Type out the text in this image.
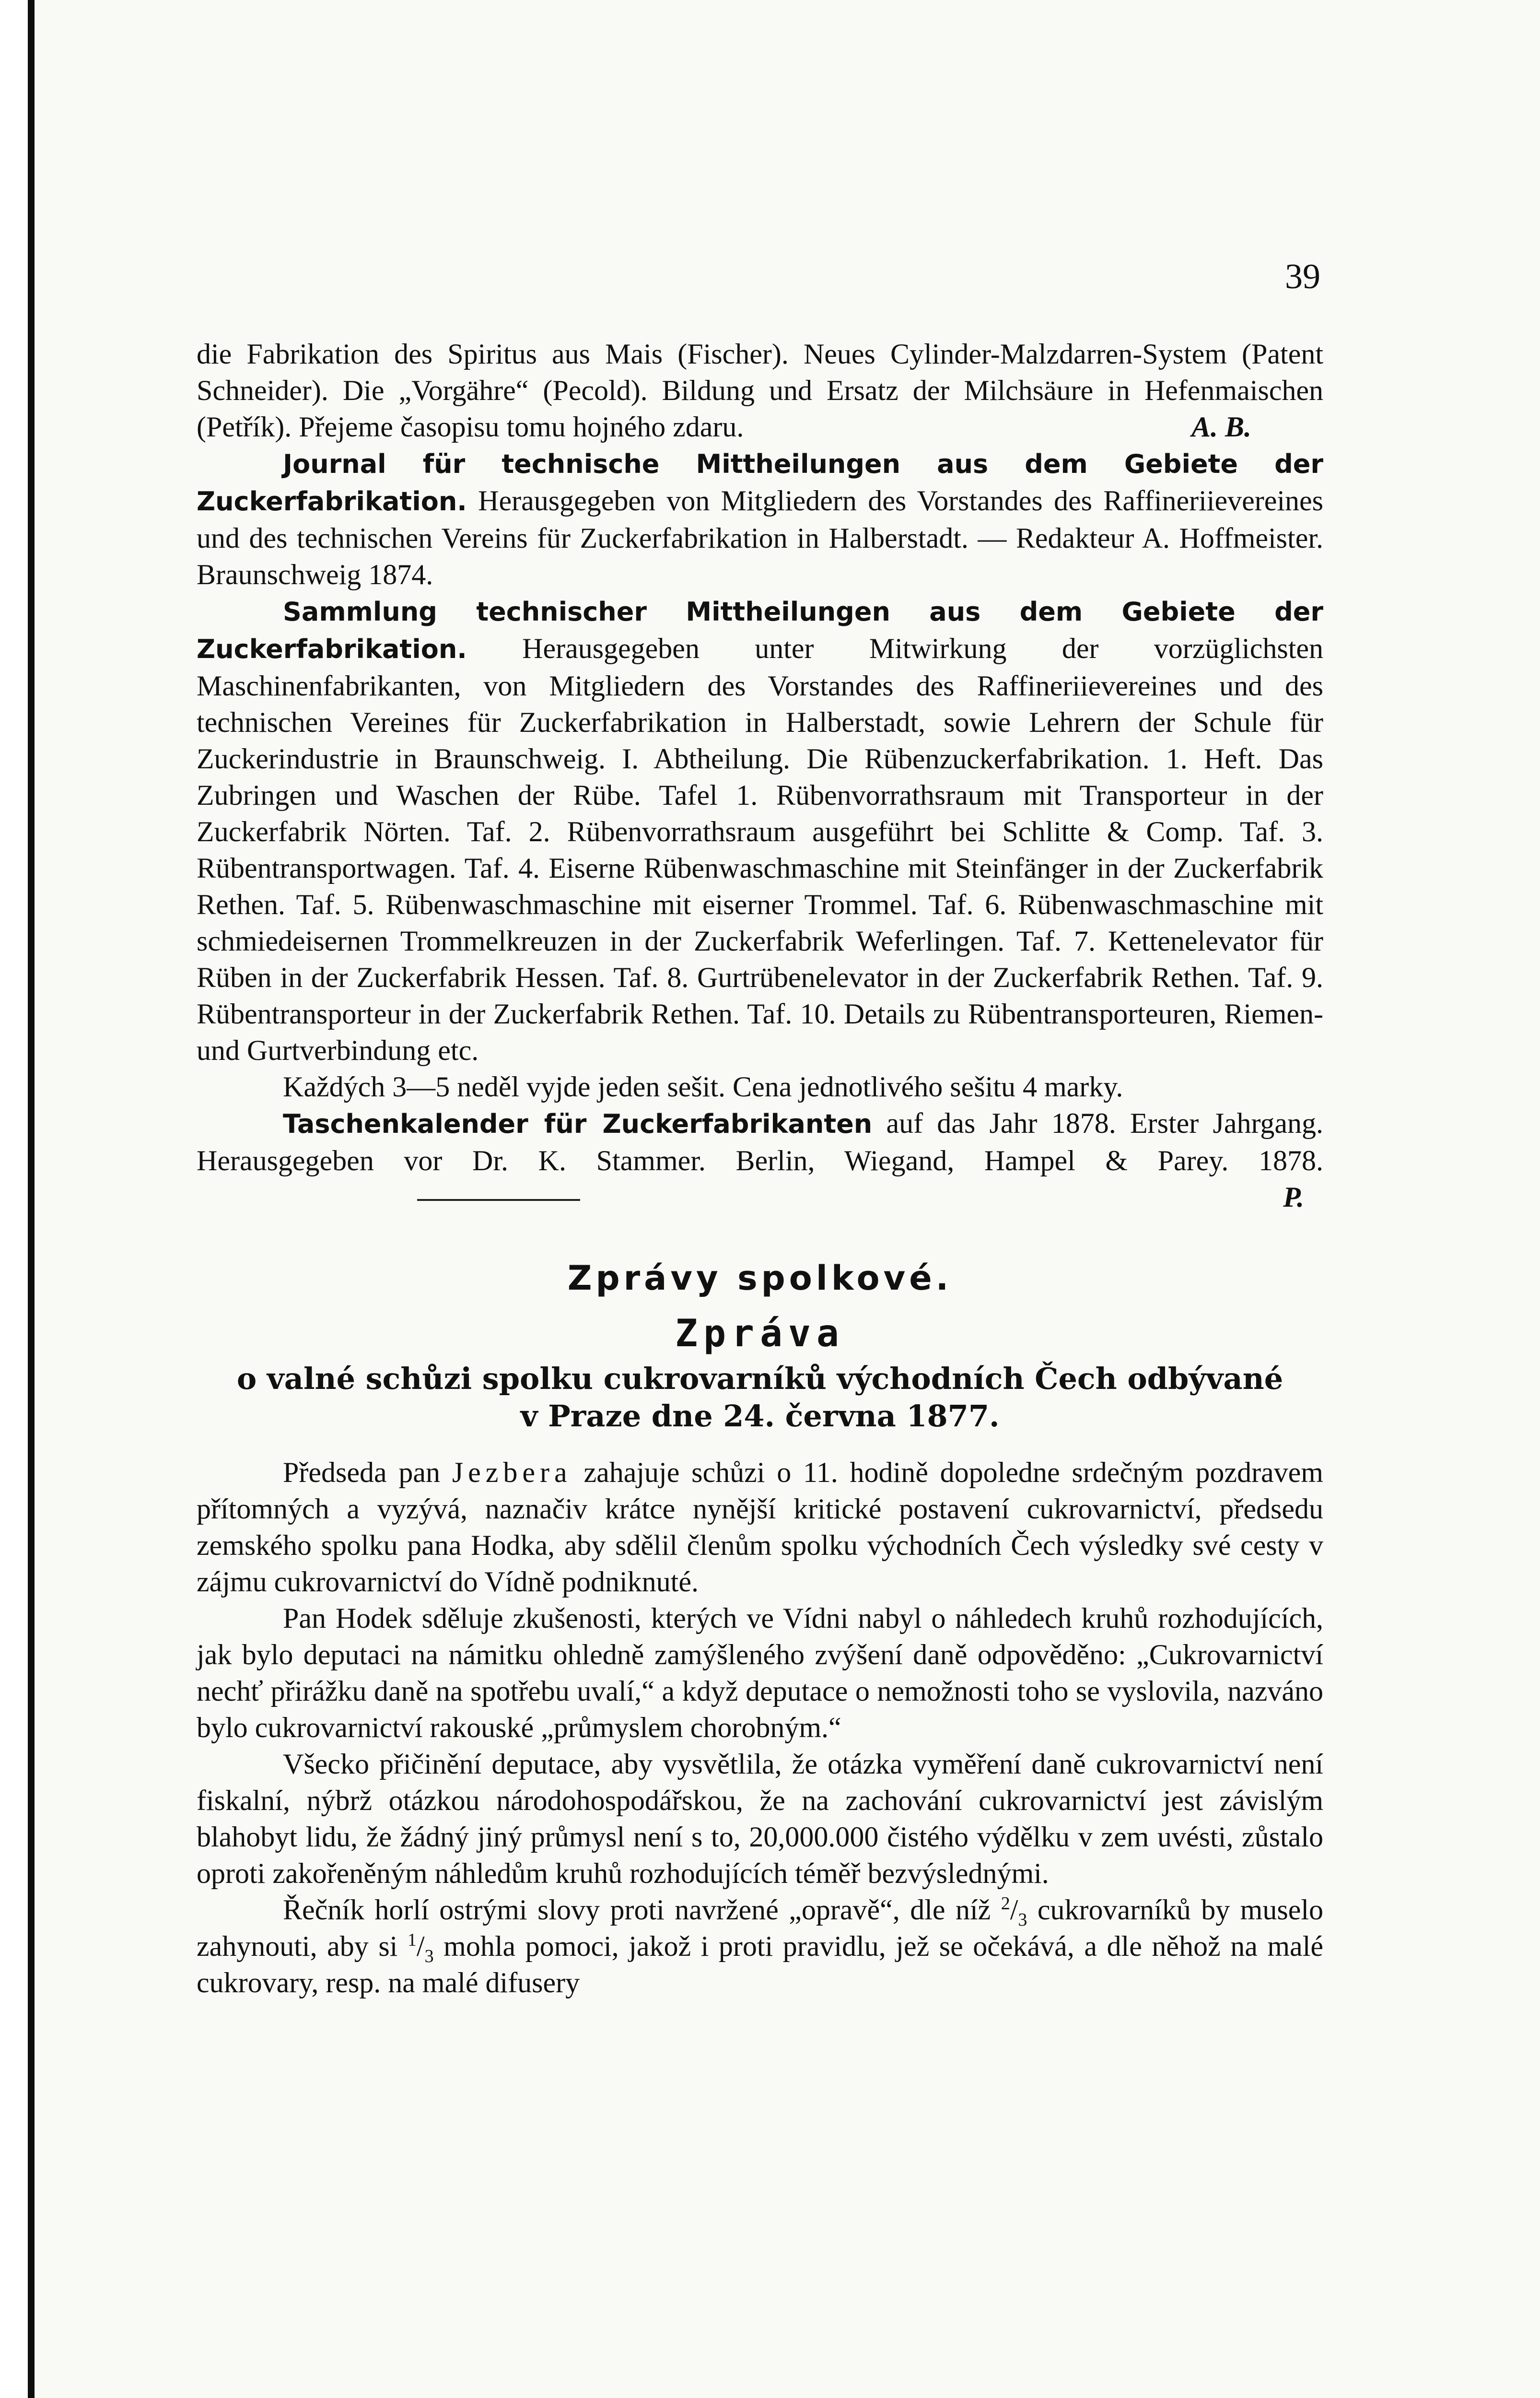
39

die Fabrikation des Spiritus aus Mais (Fischer). Neues Cylinder-Malzdarren-System (Patent Schneider). Die „Vorgähre“ (Pecold). Bildung und Ersatz der Milchsäure in Hefenmaischen (Petřík). Přejeme časopisu tomu hojného zdaru.	A. B.

Journal für technische Mittheilungen aus dem Gebiete der Zuckerfabrikation. Herausgegeben von Mitgliedern des Vorstandes des Raffineriievereines und des technischen Vereins für Zuckerfabrikation in Halberstadt. — Redakteur A. Hoffmeister. Braunschweig 1874.

Sammlung technischer Mittheilungen aus dem Gebiete der Zuckerfabrikation. Herausgegeben unter Mitwirkung der vorzüglichsten Maschinenfabrikanten, von Mitgliedern des Vorstandes des Raffineriievereines und des technischen Vereines für Zuckerfabrikation in Halberstadt, sowie Lehrern der Schule für Zuckerindustrie in Braunschweig. I. Abtheilung. Die Rübenzuckerfabrikation. 1. Heft. Das Zubringen und Waschen der Rübe. Tafel 1. Rübenvorrathsraum mit Transporteur in der Zuckerfabrik Nörten. Taf. 2. Rübenvorrathsraum ausgeführt bei Schlitte & Comp. Taf. 3. Rübentransportwagen. Taf. 4. Eiserne Rübenwaschmaschine mit Steinfänger in der Zuckerfabrik Rethen. Taf. 5. Rübenwaschmaschine mit eiserner Trommel. Taf. 6. Rübenwaschmaschine mit schmiedeisernen Trommelkreuzen in der Zuckerfabrik Weferlingen. Taf. 7. Kettenelevator für Rüben in der Zuckerfabrik Hessen. Taf. 8. Gurtrübenelevator in der Zuckerfabrik Rethen. Taf. 9. Rübentransporteur in der Zuckerfabrik Rethen. Taf. 10. Details zu Rübentransporteuren, Riemen- und Gurtverbindung etc.

Každých 3—5 neděl vyjde jeden sešit. Cena jednotlivého sešitu 4 marky.

Taschenkalender für Zuckerfabrikanten auf das Jahr 1878. Erster Jahrgang. Herausgegeben vor Dr. K. Stammer. Berlin, Wiegand, Hampel & Parey. 1878.
P.

Zprávy spolkové.
Zpráva
o valné schůzi spolku cukrovarníků východních Čech odbývané
v Praze dne 24. června 1877.

Předseda pan Jezbera zahajuje schůzi o 11. hodině dopoledne srdečným pozdravem přítomných a vyzývá, naznačiv krátce nynější kritické postavení cukrovarnictví, předsedu zemského spolku pana Hodka, aby sdělil členům spolku východních Čech výsledky své cesty v zájmu cukrovarnictví do Vídně podniknuté.

Pan Hodek sděluje zkušenosti, kterých ve Vídni nabyl o náhledech kruhů rozhodujících, jak bylo deputaci na námitku ohledně zamýšleného zvýšení daně odpověděno: „Cukrovarnictví nechť přirážku daně na spotřebu uvalí,“ a když deputace o nemožnosti toho se vyslovila, nazváno bylo cukrovarnictví rakouské „průmyslem chorobným.“

Všecko přičinění deputace, aby vysvětlila, že otázka vyměření daně cukrovarnictví není fiskalní, nýbrž otázkou národohospodářskou, že na zachování cukrovarnictví jest závislým blahobyt lidu, že žádný jiný průmysl není s to, 20,000.000 čistého výdělku v zem uvésti, zůstalo oproti zakořeněným náhledům kruhů rozhodujících téměř bezvýslednými.

Řečník horlí ostrými slovy proti navržené „opravě“, dle níž $^2/_3$ cukrovarníků by muselo zahynouti, aby si $^1/_3$ mohla pomoci, jakož i proti pravidlu, jež se očekává, a dle něhož na malé cukrovary, resp. na malé difusery
